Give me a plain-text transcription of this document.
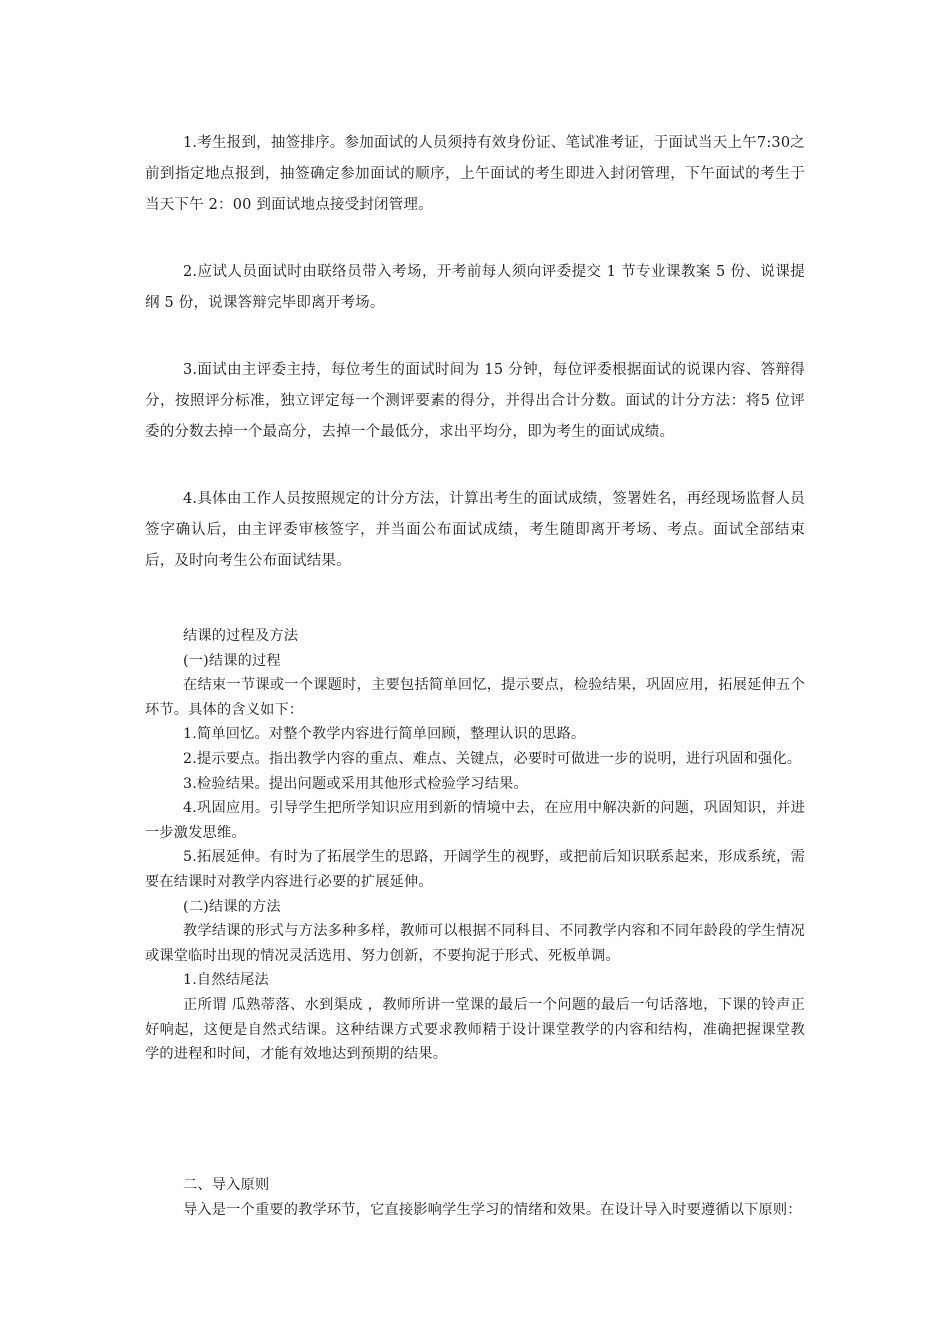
1.考生报到，抽签排序。参加面试的人员须持有效身份证、笔试准考证，于面试当天上午7:30之前到指定地点报到，抽签确定参加面试的顺序，上午面试的考生即进入封闭管理，下午面试的考生于当天下午 2：00 到面试地点接受封闭管理。

2.应试人员面试时由联络员带入考场，开考前每人须向评委提交 1 节专业课教案 5 份、说课提纲 5 份，说课答辩完毕即离开考场。

3.面试由主评委主持，每位考生的面试时间为 15 分钟，每位评委根据面试的说课内容、答辩得分，按照评分标准，独立评定每一个测评要素的得分，并得出合计分数。面试的计分方法：将5 位评委的分数去掉一个最高分，去掉一个最低分，求出平均分，即为考生的面试成绩。

4.具体由工作人员按照规定的计分方法，计算出考生的面试成绩，签署姓名，再经现场监督人员签字确认后，由主评委审核签字，并当面公布面试成绩，考生随即离开考场、考点。面试全部结束后，及时向考生公布面试结果。

结课的过程及方法

(一)结课的过程

在结束一节课或一个课题时，主要包括简单回忆，提示要点，检验结果，巩固应用，拓展延伸五个环节。具体的含义如下：

1.简单回忆。对整个教学内容进行简单回顾，整理认识的思路。

2.提示要点。指出教学内容的重点、难点、关键点，必要时可做进一步的说明，进行巩固和强化。

3.检验结果。提出问题或采用其他形式检验学习结果。

4.巩固应用。引导学生把所学知识应用到新的情境中去，在应用中解决新的问题，巩固知识，并进一步激发思维。

5.拓展延伸。有时为了拓展学生的思路，开阔学生的视野，或把前后知识联系起来，形成系统，需要在结课时对教学内容进行必要的扩展延伸。

(二)结课的方法

教学结课的形式与方法多种多样，教师可以根据不同科目、不同教学内容和不同年龄段的学生情况或课堂临时出现的情况灵活选用、努力创新，不要拘泥于形式、死板单调。

1.自然结尾法

正所谓 瓜熟蒂落、水到渠成 ，教师所讲一堂课的最后一个问题的最后一句话落地，下课的铃声正好响起，这便是自然式结课。这种结课方式要求教师精于设计课堂教学的内容和结构，准确把握课堂教学的进程和时间，才能有效地达到预期的结果。

二、导入原则

导入是一个重要的教学环节，它直接影响学生学习的情绪和效果。在设计导入时要遵循以下原则：
